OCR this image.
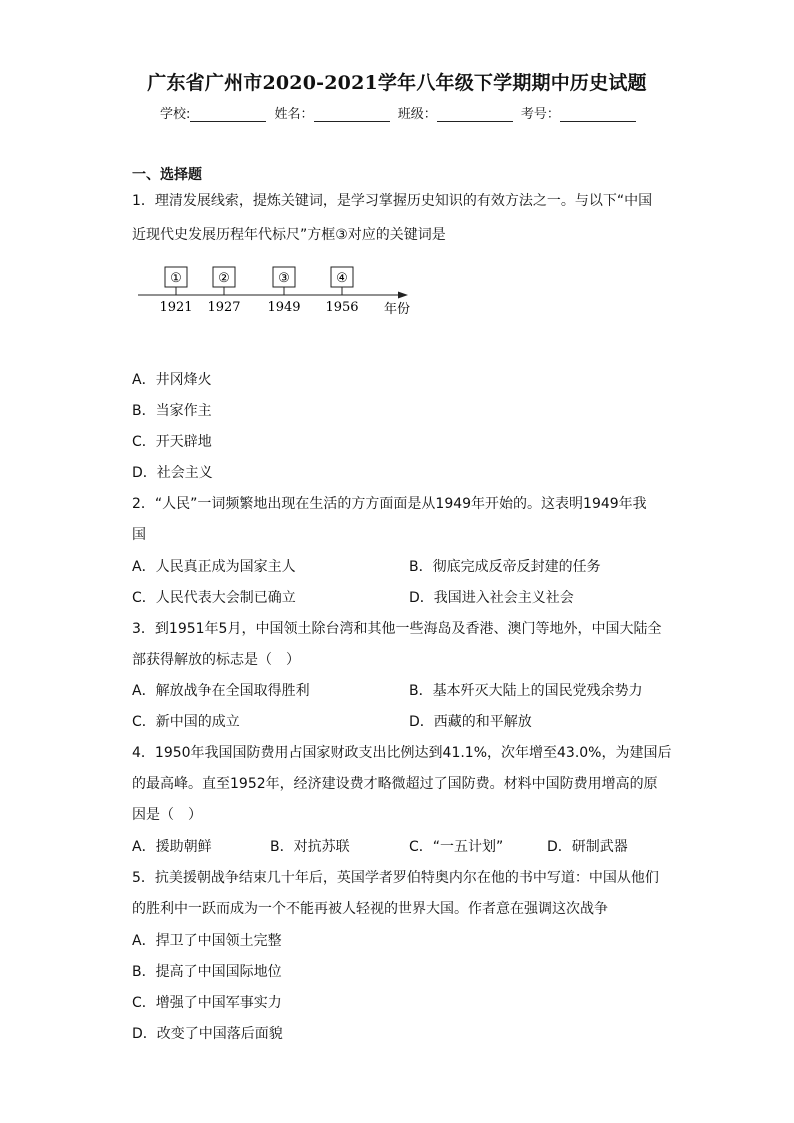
广东省广州市2020-2021学年八年级下学期期中历史试题
学校:	姓名：	班级：	考号：
一、选择题
1．理清发展线索，提炼关键词，是学习掌握历史知识的有效方法之一。与以下“中国
近现代史发展历程年代标尺”方框③对应的关键词是
①
1921
②
1927
③
1949
④
1956 年份
A．井冈烽火
B．当家作主
C．开天辟地
D．社会主义
2．“人民”一词频繁地出现在生活的方方面面是从1949年开始的。这表明1949年我
国
A．人民真正成为国家主人	B．彻底完成反帝反封建的任务
C．人民代表大会制已确立	D．我国进入社会主义社会
3．到1951年5月，中国领土除台湾和其他一些海岛及香港、澳门等地外，中国大陆全
部获得解放的标志是（　）
A．解放战争在全国取得胜利	B．基本歼灭大陆上的国民党残余势力
C．新中国的成立	D．西藏的和平解放
4．1950年我国国防费用占国家财政支出比例达到41.1%，次年增至43.0%，为建国后
的最高峰。直至1952年，经济建设费才略微超过了国防费。材料中国防费用增高的原
因是（　）
A．援助朝鲜	B．对抗苏联	C．“一五计划”	D．研制武器
5．抗美援朝战争结束几十年后，英国学者罗伯特奥内尔在他的书中写道：中国从他们
的胜利中一跃而成为一个不能再被人轻视的世界大国。作者意在强调这次战争
A．捍卫了中国领土完整
B．提高了中国国际地位
C．增强了中国军事实力
D．改变了中国落后面貌
